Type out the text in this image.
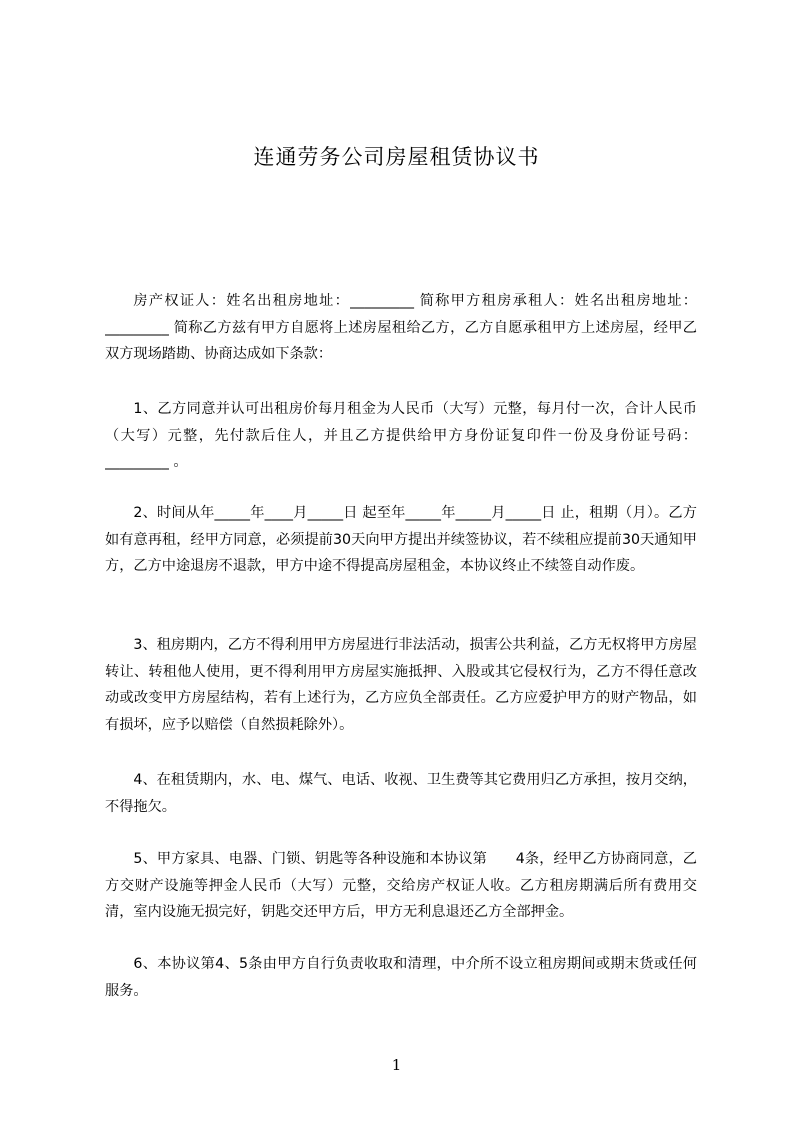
连通劳务公司房屋租赁协议书
房产权证人：姓名出租房地址：_________ 简称甲方租房承租人：姓名出租房地址：_________ 简称乙方兹有甲方自愿将上述房屋租给乙方，乙方自愿承租甲方上述房屋，经甲乙双方现场踏勘、协商达成如下条款：
1、乙方同意并认可出租房价每月租金为人民币（大写）元整，每月付一次，合计人民币（大写）元整，先付款后住人，并且乙方提供给甲方身份证复印件一份及身份证号码：_________ 。
2、时间从年_____年____月_____日 起至年_____年_____月_____日 止，租期（月）。乙方如有意再租，经甲方同意，必须提前30天向甲方提出并续签协议，若不续租应提前30天通知甲方，乙方中途退房不退款，甲方中途不得提高房屋租金，本协议终止不续签自动作废。
3、租房期内，乙方不得利用甲方房屋进行非法活动，损害公共利益，乙方无权将甲方房屋转让、转租他人使用，更不得利用甲方房屋实施抵押、入股或其它侵权行为，乙方不得任意改动或改变甲方房屋结构，若有上述行为，乙方应负全部责任。乙方应爱护甲方的财产物品，如有损坏，应予以赔偿（自然损耗除外）。
4、在租赁期内，水、电、煤气、电话、收视、卫生费等其它费用归乙方承担，按月交纳，不得拖欠。
5、甲方家具、电器、门锁、钥匙等各种设施和本协议第　　4条，经甲乙方协商同意，乙方交财产设施等押金人民币（大写）元整，交给房产权证人收。乙方租房期满后所有费用交清，室内设施无损完好，钥匙交还甲方后，甲方无利息退还乙方全部押金。
6、本协议第4、5条由甲方自行负责收取和清理，中介所不设立租房期间或期末货或任何服务。
1
